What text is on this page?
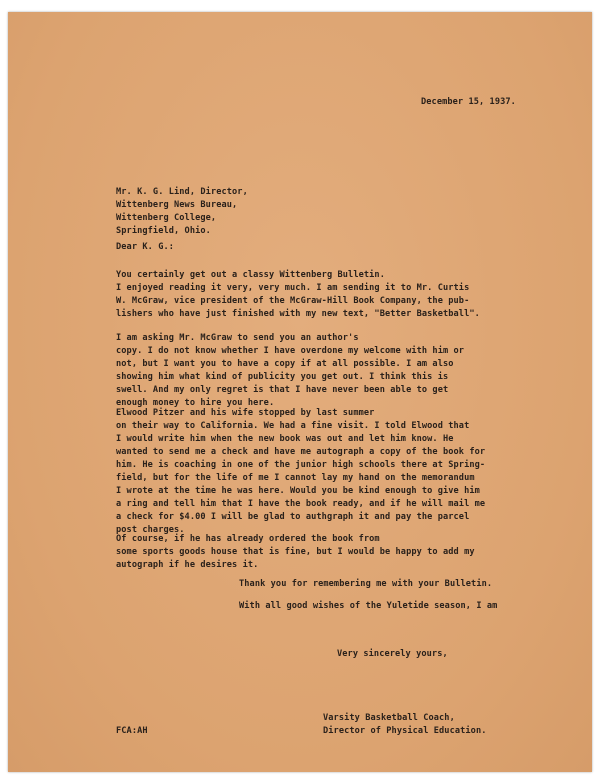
December 15, 1937.
Mr. K. G. Lind, Director,
Wittenberg News Bureau,
Wittenberg College,
Springfield, Ohio.
Dear K. G.:
You certainly get out a classy Wittenberg Bulletin.
I enjoyed reading it very, very much. I am sending it to Mr. Curtis
W. McGraw, vice president of the McGraw-Hill Book Company, the pub-
lishers who have just finished with my new text, "Better Basketball".
I am asking Mr. McGraw to send you an author's
copy. I do not know whether I have overdone my welcome with him or
not, but I want you to have a copy if at all possible. I am also
showing him what kind of publicity you get out. I think this is
swell. And my only regret is that I have never been able to get
enough money to hire you here.
Elwood Pitzer and his wife stopped by last summer
on their way to California. We had a fine visit. I told Elwood that
I would write him when the new book was out and let him know. He
wanted to send me a check and have me autograph a copy of the book for
him. He is coaching in one of the junior high schools there at Spring-
field, but for the life of me I cannot lay my hand on the memorandum
I wrote at the time he was here. Would you be kind enough to give him
a ring and tell him that I have the book ready, and if he will mail me
a check for $4.00 I will be glad to authgraph it and pay the parcel
post charges.
Of course, if he has already ordered the book from
some sports goods house that is fine, but I would be happy to add my
autograph if he desires it.
Thank you for remembering me with your Bulletin.
With all good wishes of the Yuletide season, I am
Very sincerely yours,
Varsity Basketball Coach,
Director of Physical Education.
FCA:AH
